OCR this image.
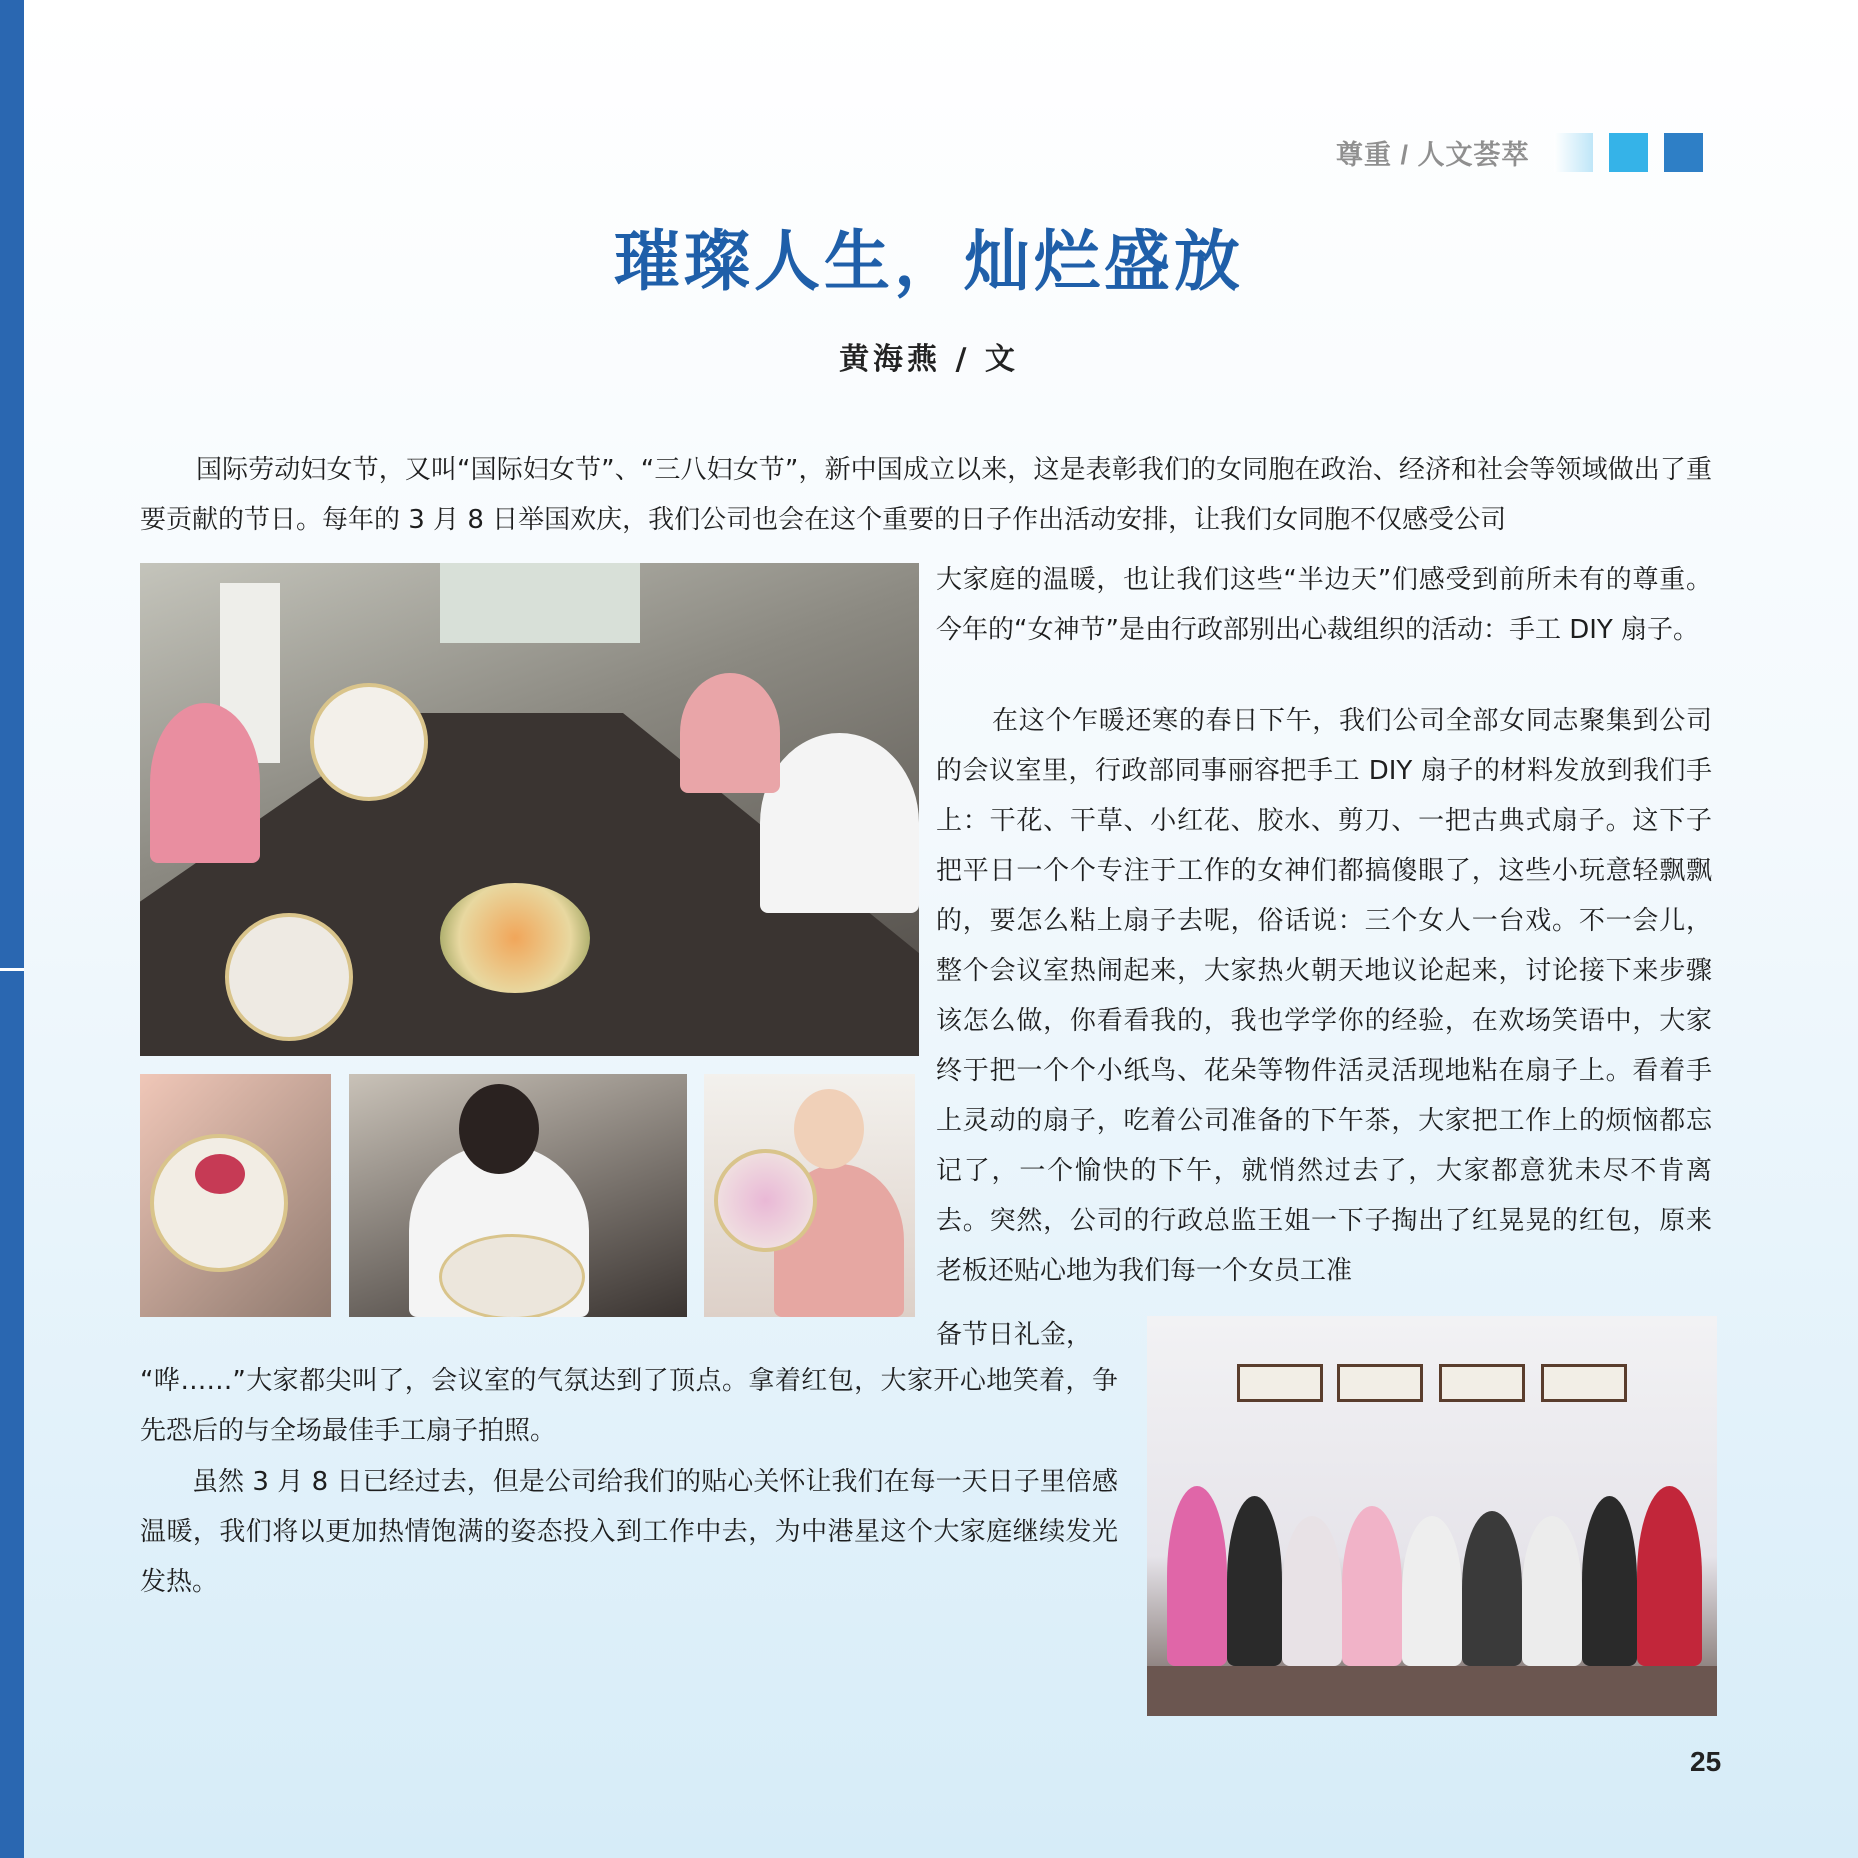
尊重 / 人文荟萃
璀璨人生，灿烂盛放
黄海燕 / 文
国际劳动妇女节，又叫“国际妇女节”、“三八妇女节”，新中国成立以来，这是表彰我们的女同胞在政治、经济和社会等领域做出了重要贡献的节日。每年的 3 月 8 日举国欢庆，我们公司也会在这个重要的日子作出活动安排，让我们女同胞不仅感受公司
大家庭的温暖，也让我们这些“半边天”们感受到前所未有的尊重。今年的“女神节”是由行政部别出心裁组织的活动：手工 DIY 扇子。
在这个乍暖还寒的春日下午，我们公司全部女同志聚集到公司的会议室里，行政部同事丽容把手工 DIY 扇子的材料发放到我们手上：干花、干草、小红花、胶水、剪刀、一把古典式扇子。这下子把平日一个个专注于工作的女神们都搞傻眼了，这些小玩意轻飘飘的，要怎么粘上扇子去呢，俗话说：三个女人一台戏。不一会儿，整个会议室热闹起来，大家热火朝天地议论起来，讨论接下来步骤该怎么做，你看看我的，我也学学你的经验，在欢场笑语中，大家终于把一个个小纸鸟、花朵等物件活灵活现地粘在扇子上。看着手上灵动的扇子，吃着公司准备的下午茶，大家把工作上的烦恼都忘记了，一个愉快的下午，就悄然过去了，大家都意犹未尽不肯离去。突然，公司的行政总监王姐一下子掏出了红晃晃的红包，原来老板还贴心地为我们每一个女员工准
备节日礼金，
“哗……”大家都尖叫了，会议室的气氛达到了顶点。拿着红包，大家开心地笑着，争先恐后的与全场最佳手工扇子拍照。
虽然 3 月 8 日已经过去，但是公司给我们的贴心关怀让我们在每一天日子里倍感温暖，我们将以更加热情饱满的姿态投入到工作中去，为中港星这个大家庭继续发光发热。
25
